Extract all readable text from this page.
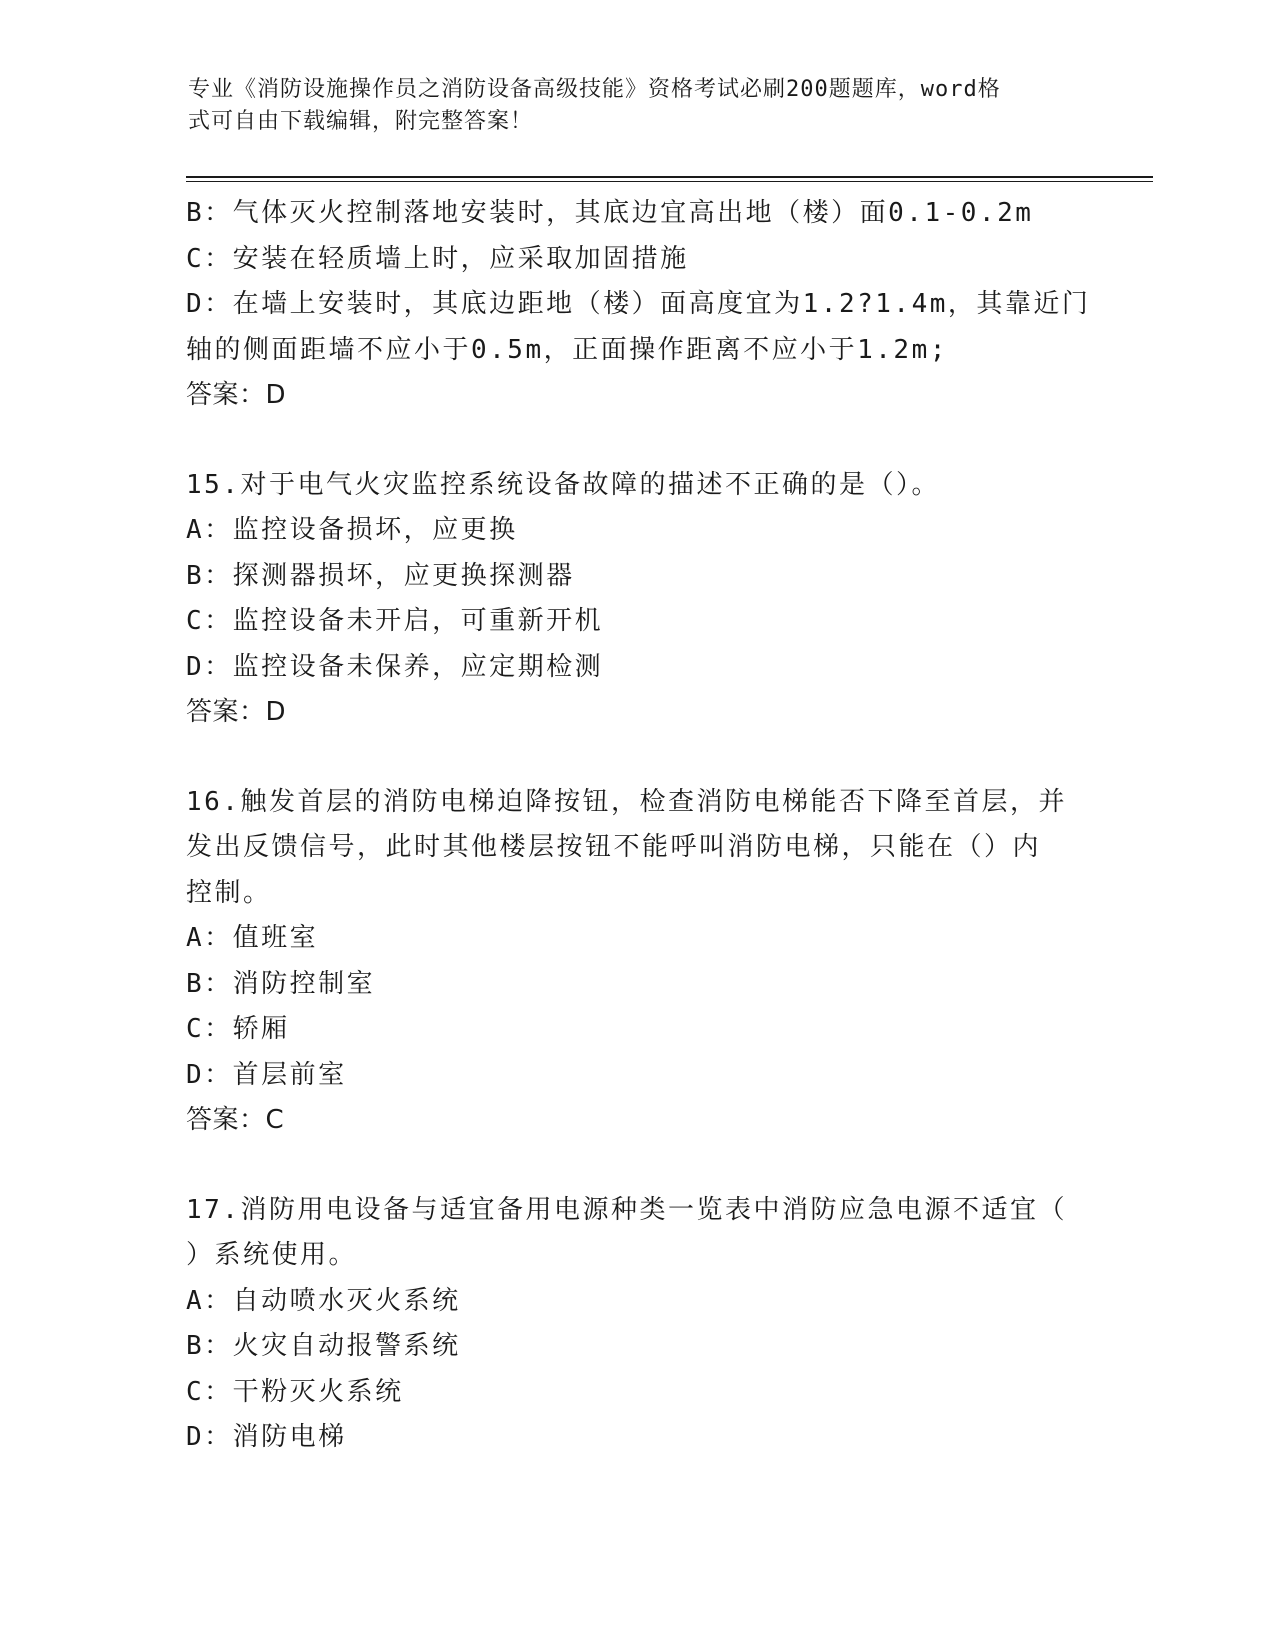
专业《消防设施操作员之消防设备高级技能》资格考试必刷200题题库，word格
式可自由下载编辑，附完整答案！
B：气体灭火控制落地安装时，其底边宜高出地（楼）面0.1-0.2m
C：安装在轻质墙上时，应采取加固措施
D：在墙上安装时，其底边距地（楼）面高度宜为1.2?1.4m，其靠近门
轴的侧面距墙不应小于0.5m，正面操作距离不应小于1.2m;
答案：D
15.对于电气火灾监控系统设备故障的描述不正确的是（）。
A：监控设备损坏，应更换
B：探测器损坏，应更换探测器
C：监控设备未开启，可重新开机
D：监控设备未保养，应定期检测
答案：D
16.触发首层的消防电梯迫降按钮，检查消防电梯能否下降至首层，并
发出反馈信号，此时其他楼层按钮不能呼叫消防电梯，只能在（）内
控制。
A：值班室
B：消防控制室
C：轿厢
D：首层前室
答案：C
17.消防用电设备与适宜备用电源种类一览表中消防应急电源不适宜（
）系统使用。
A：自动喷水灭火系统
B：火灾自动报警系统
C：干粉灭火系统
D：消防电梯
